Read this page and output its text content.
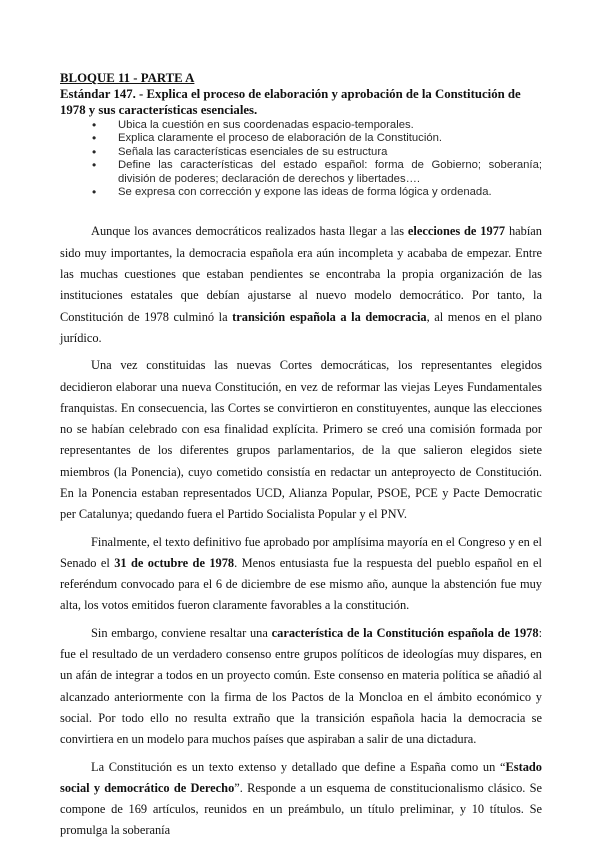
BLOQUE 11 - PARTE A
Estándar 147. - Explica el proceso de elaboración y aprobación de la Constitución de 1978 y sus características esenciales.
• Ubica la cuestión en sus coordenadas espacio-temporales.
• Explica claramente el proceso de elaboración de la Constitución.
• Señala las características esenciales de su estructura
• Define las características del estado español: forma de Gobierno; soberanía; división de poderes; declaración de derechos y libertades….
• Se expresa con corrección y expone las ideas de forma lógica y ordenada.

Aunque los avances democráticos realizados hasta llegar a las elecciones de 1977 habían sido muy importantes, la democracia española era aún incompleta y acababa de empezar. Entre las muchas cuestiones que estaban pendientes se encontraba la propia organización de las instituciones estatales que debían ajustarse al nuevo modelo democrático. Por tanto, la Constitución de 1978 culminó la transición española a la democracia, al menos en el plano jurídico.

Una vez constituidas las nuevas Cortes democráticas, los representantes elegidos decidieron elaborar una nueva Constitución, en vez de reformar las viejas Leyes Fundamentales franquistas. En consecuencia, las Cortes se convirtieron en constituyentes, aunque las elecciones no se habían celebrado con esa finalidad explícita. Primero se creó una comisión formada por representantes de los diferentes grupos parlamentarios, de la que salieron elegidos siete miembros (la Ponencia), cuyo cometido consistía en redactar un anteproyecto de Constitución. En la Ponencia estaban representados UCD, Alianza Popular, PSOE, PCE y Pacte Democratic per Catalunya; quedando fuera el Partido Socialista Popular y el PNV.

Finalmente, el texto definitivo fue aprobado por amplísima mayoría en el Congreso y en el Senado el 31 de octubre de 1978. Menos entusiasta fue la respuesta del pueblo español en el referéndum convocado para el 6 de diciembre de ese mismo año, aunque la abstención fue muy alta, los votos emitidos fueron claramente favorables a la constitución.

Sin embargo, conviene resaltar una característica de la Constitución española de 1978: fue el resultado de un verdadero consenso entre grupos políticos de ideologías muy dispares, en un afán de integrar a todos en un proyecto común. Este consenso en materia política se añadió al alcanzado anteriormente con la firma de los Pactos de la Moncloa en el ámbito económico y social. Por todo ello no resulta extraño que la transición española hacia la democracia se convirtiera en un modelo para muchos países que aspiraban a salir de una dictadura.

La Constitución es un texto extenso y detallado que define a España como un “Estado social y democrático de Derecho”. Responde a un esquema de constitucionalismo clásico. Se compone de 169 artículos, reunidos en un preámbulo, un título preliminar, y 10 títulos. Se promulga la soberanía
